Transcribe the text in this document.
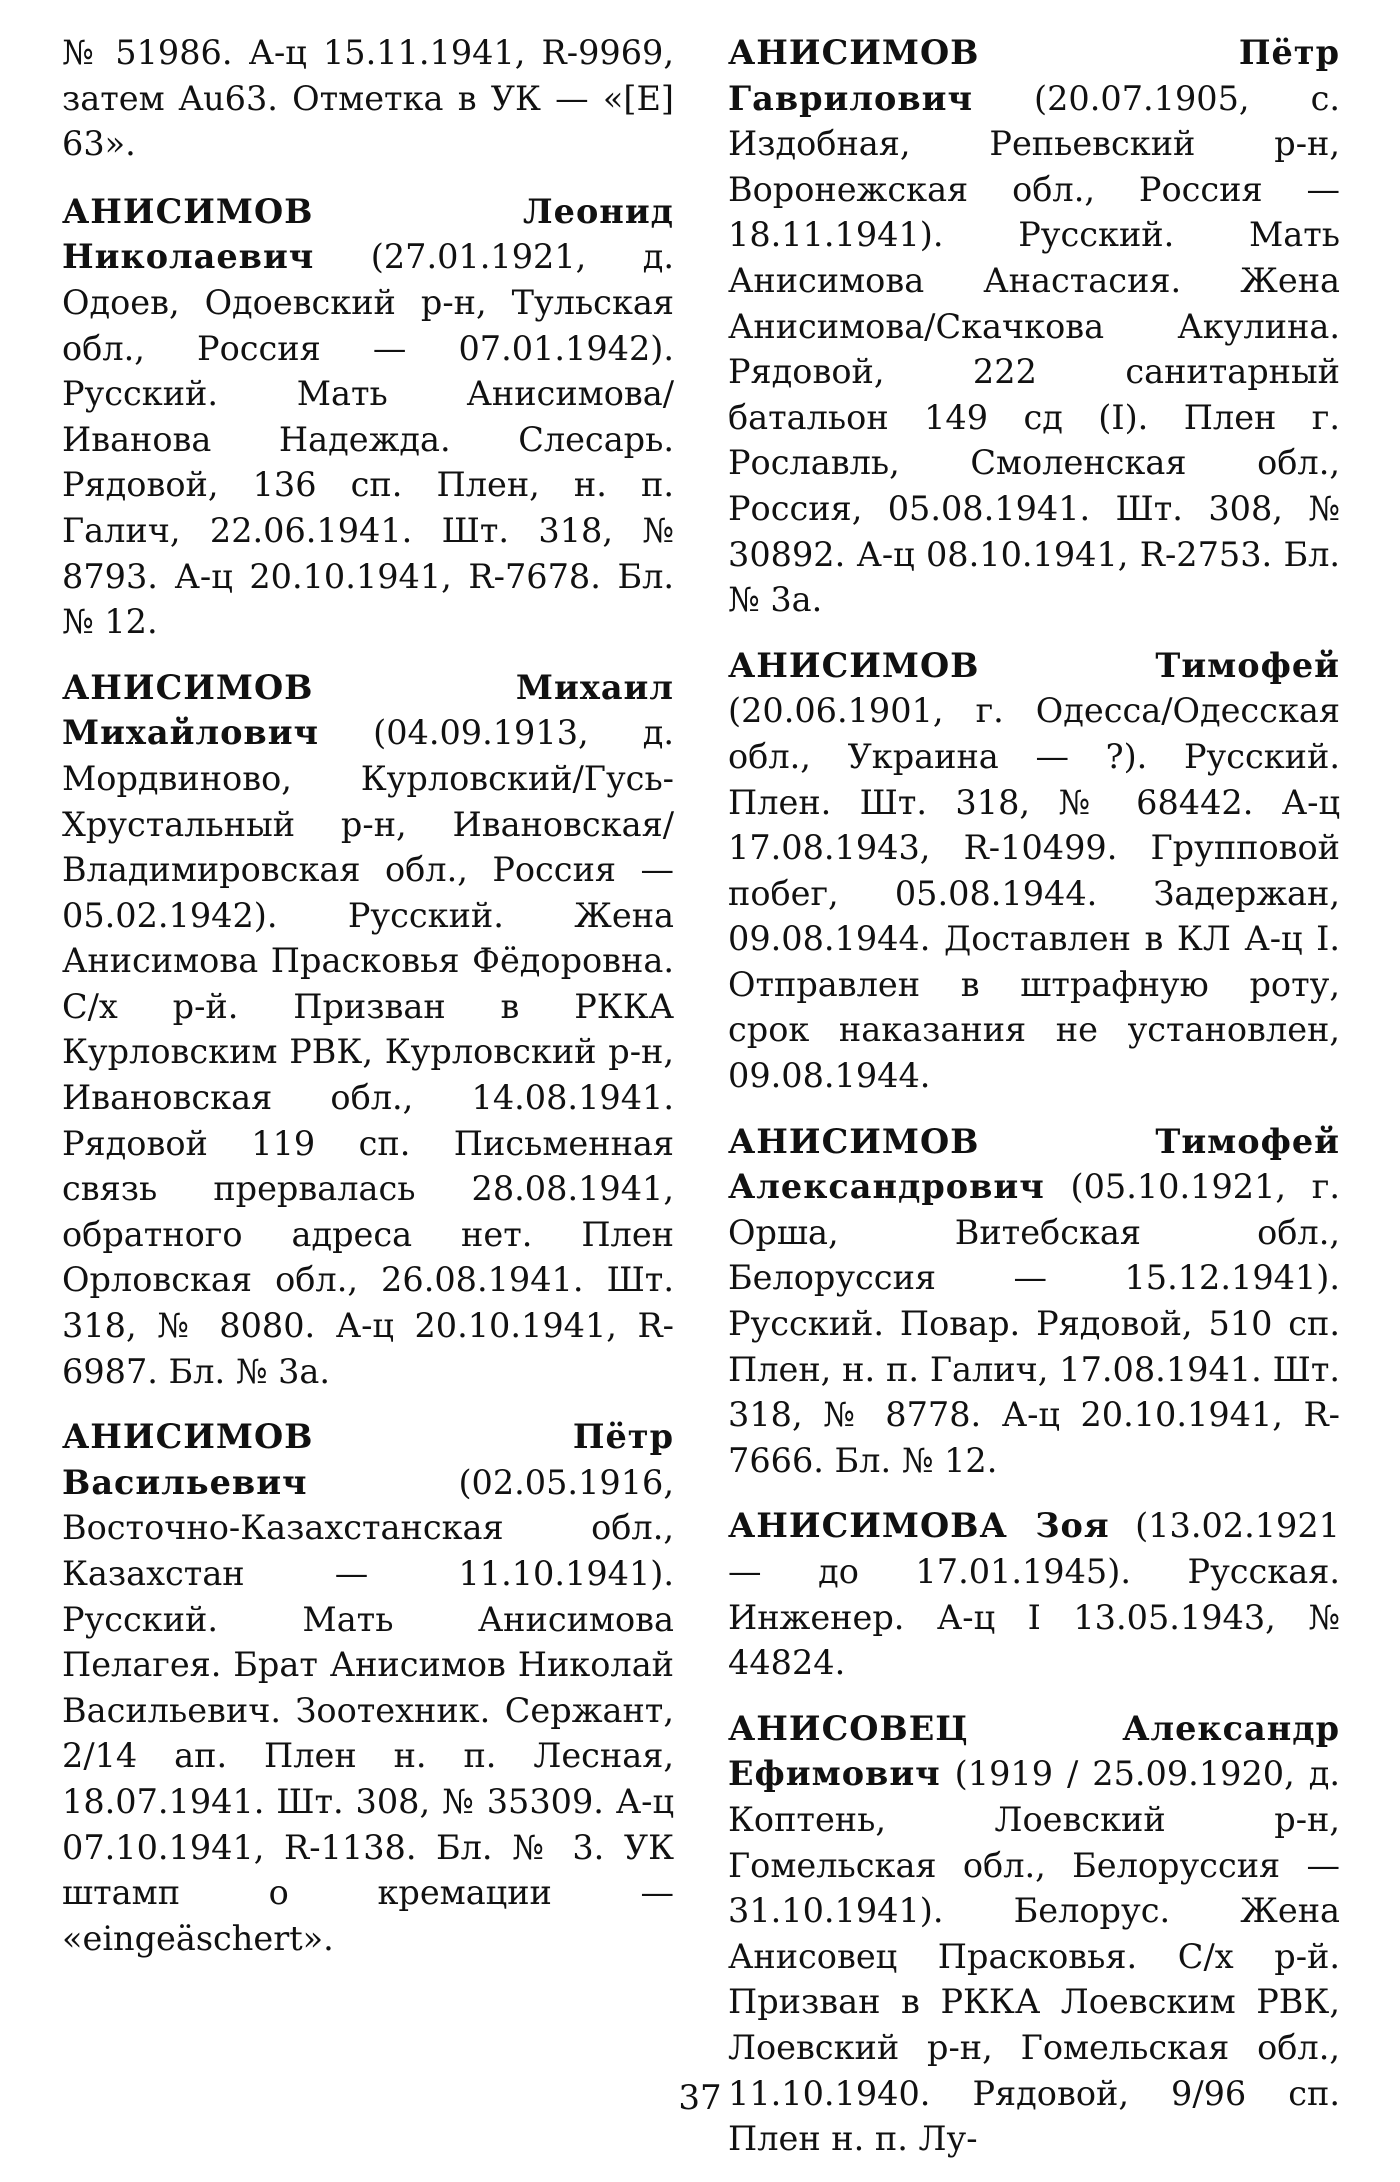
№ 51986. А-ц 15.11.1941, R-9969, затем Au63. Отметка в УК — «[E] 63».

АНИСИМОВ Леонид Николаевич (27.01.1921, д. Одоев, Одоевский р-н, Тульская обл., Россия — 07.01.1942). Русский. Мать Анисимова/Иванова Надежда. Слесарь. Рядовой, 136 сп. Плен, н. п. Галич, 22.06.1941. Шт. 318, № 8793. А-ц 20.10.1941, R-7678. Бл. № 12.

АНИСИМОВ Михаил Михайлович (04.09.1913, д. Мордвиново, Курловский/Гусь-Хрустальный р-н, Ивановская/Владимировская обл., Россия — 05.02.1942). Русский. Жена Анисимова Прасковья Фёдоровна. С/х р-й. Призван в РККА Курловским РВК, Курловский р-н, Ивановская обл., 14.08.1941. Рядовой 119 сп. Письменная связь прервалась 28.08.1941, обратного адреса нет. Плен Орловская обл., 26.08.1941. Шт. 318, № 8080. А-ц 20.10.1941, R-6987. Бл. № 3а.

АНИСИМОВ Пётр Васильевич (02.05.1916, Восточно-Казахстанская обл., Казахстан — 11.10.1941). Русский. Мать Анисимова Пелагея. Брат Анисимов Николай Васильевич. Зоотехник. Сержант, 2/14 ап. Плен н. п. Лесная, 18.07.1941. Шт. 308, № 35309. А-ц 07.10.1941, R-1138. Бл. № 3. УК штамп о кремации — «eingeäschert».

АНИСИМОВ Пётр Гаврилович (20.07.1905, с. Издобная, Репьевский р-н, Воронежская обл., Россия — 18.11.1941). Русский. Мать Анисимова Анастасия. Жена Анисимова/Скачкова Акулина. Рядовой, 222 санитарный батальон 149 сд (I). Плен г. Рославль, Смоленская обл., Россия, 05.08.1941. Шт. 308, № 30892. А-ц 08.10.1941, R-2753. Бл. № 3а.

АНИСИМОВ Тимофей (20.06.1901, г. Одесса/Одесская обл., Украина — ?). Русский. Плен. Шт. 318, № 68442. А-ц 17.08.1943, R-10499. Групповой побег, 05.08.1944. Задержан, 09.08.1944. Доставлен в КЛ А-ц I. Отправлен в штрафную роту, срок наказания не установлен, 09.08.1944.

АНИСИМОВ Тимофей Александрович (05.10.1921, г. Орша, Витебская обл., Белоруссия — 15.12.1941). Русский. Повар. Рядовой, 510 сп. Плен, н. п. Галич, 17.08.1941. Шт. 318, № 8778. А-ц 20.10.1941, R-7666. Бл. № 12.

АНИСИМОВА Зоя (13.02.1921 — до 17.01.1945). Русская. Инженер. А-ц I 13.05.1943, № 44824.

АНИСОВЕЦ Александр Ефимович (1919 / 25.09.1920, д. Коптень, Лоевский р-н, Гомельская обл., Белоруссия — 31.10.1941). Белорус. Жена Анисовец Прасковья. С/х р-й. Призван в РККА Лоевским РВК, Лоевский р-н, Гомельская обл., 11.10.1940. Рядовой, 9/96 сп. Плен н. п. Лу-

37
